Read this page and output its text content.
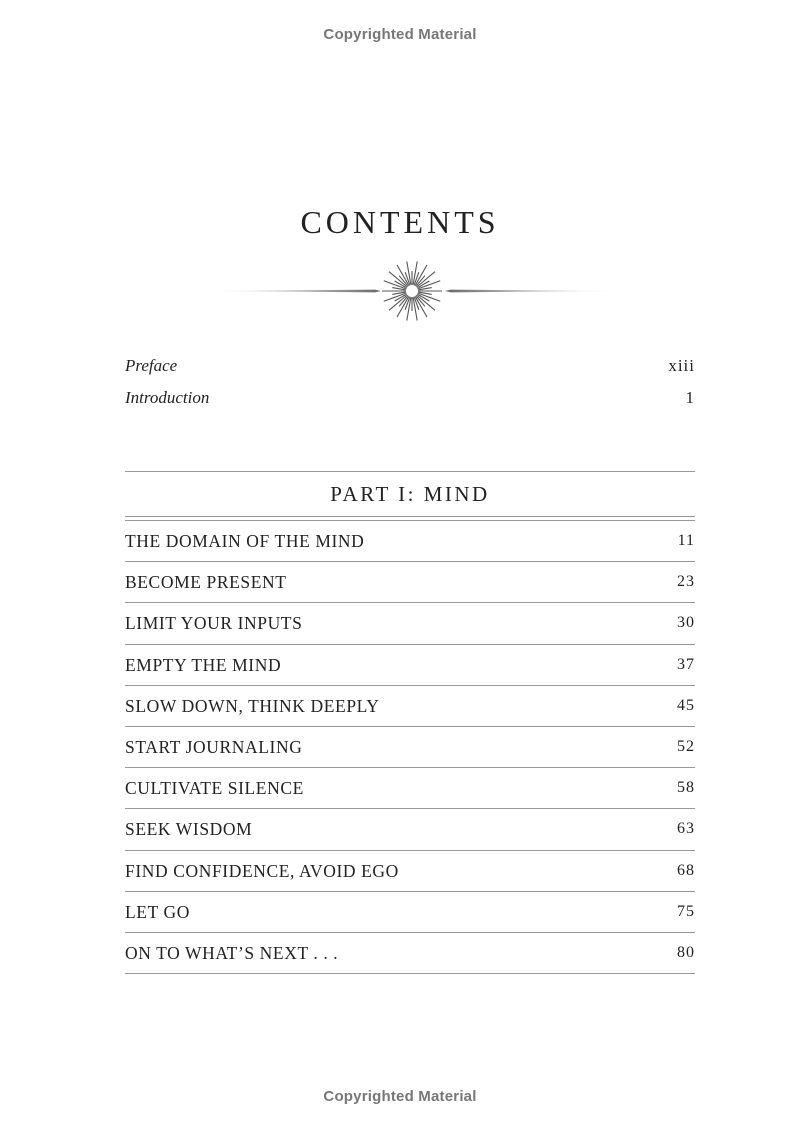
Copyrighted Material
CONTENTS
Preface	xiii
Introduction	1
PART I: MIND
THE DOMAIN OF THE MIND	11
BECOME PRESENT	23
LIMIT YOUR INPUTS	30
EMPTY THE MIND	37
SLOW DOWN, THINK DEEPLY	45
START JOURNALING	52
CULTIVATE SILENCE	58
SEEK WISDOM	63
FIND CONFIDENCE, AVOID EGO	68
LET GO	75
ON TO WHAT’S NEXT . . .	80
Copyrighted Material
